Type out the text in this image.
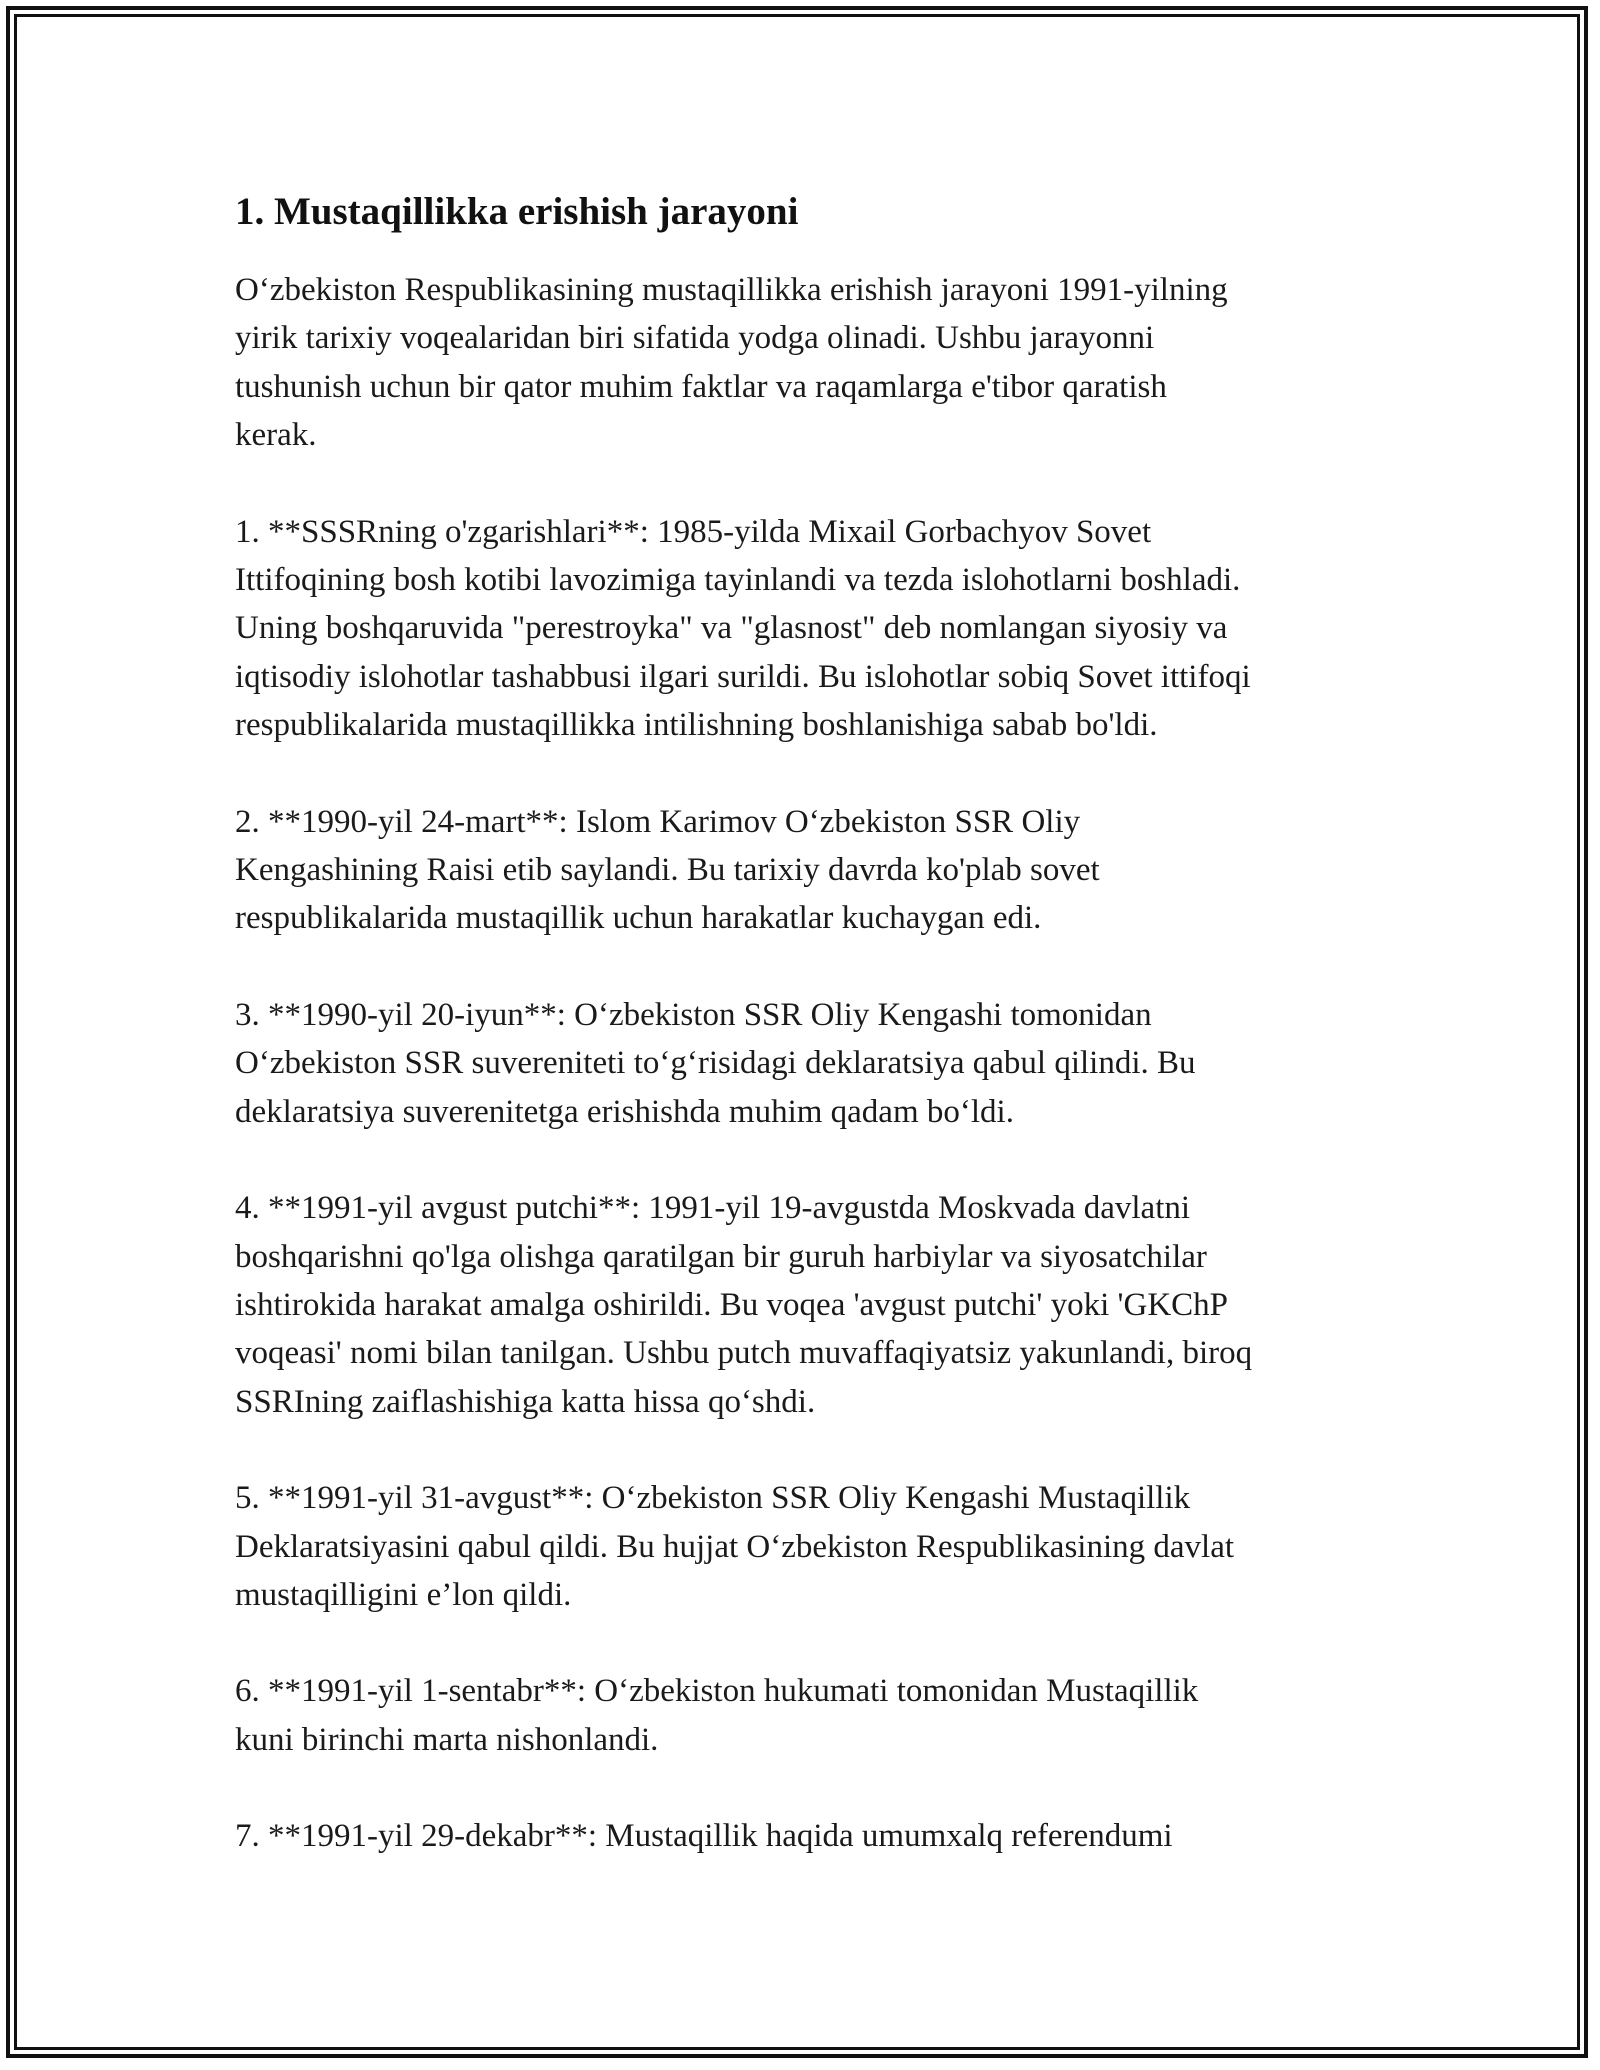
1. Mustaqillikka erishish jarayoni

O‘zbekiston Respublikasining mustaqillikka erishish jarayoni 1991-yilning
yirik tarixiy voqealaridan biri sifatida yodga olinadi. Ushbu jarayonni
tushunish uchun bir qator muhim faktlar va raqamlarga e'tibor qaratish
kerak.

1. **SSSRning o'zgarishlari**: 1985-yilda Mixail Gorbachyov Sovet
Ittifoqining bosh kotibi lavozimiga tayinlandi va tezda islohotlarni boshladi.
Uning boshqaruvida "perestroyka" va "glasnost" deb nomlangan siyosiy va
iqtisodiy islohotlar tashabbusi ilgari surildi. Bu islohotlar sobiq Sovet ittifoqi
respublikalarida mustaqillikka intilishning boshlanishiga sabab bo'ldi.

2. **1990-yil 24-mart**: Islom Karimov O‘zbekiston SSR Oliy
Kengashining Raisi etib saylandi. Bu tarixiy davrda ko'plab sovet
respublikalarida mustaqillik uchun harakatlar kuchaygan edi.

3. **1990-yil 20-iyun**: O‘zbekiston SSR Oliy Kengashi tomonidan
O‘zbekiston SSR suvereniteti to‘g‘risidagi deklaratsiya qabul qilindi. Bu
deklaratsiya suverenitetga erishishda muhim qadam bo‘ldi.

4. **1991-yil avgust putchi**: 1991-yil 19-avgustda Moskvada davlatni
boshqarishni qo'lga olishga qaratilgan bir guruh harbiylar va siyosatchilar
ishtirokida harakat amalga oshirildi. Bu voqea 'avgust putchi' yoki 'GKChP
voqeasi' nomi bilan tanilgan. Ushbu putch muvaffaqiyatsiz yakunlandi, biroq
SSRIning zaiflashishiga katta hissa qo‘shdi.

5. **1991-yil 31-avgust**: O‘zbekiston SSR Oliy Kengashi Mustaqillik
Deklaratsiyasini qabul qildi. Bu hujjat O‘zbekiston Respublikasining davlat
mustaqilligini e’lon qildi.

6. **1991-yil 1-sentabr**: O‘zbekiston hukumati tomonidan Mustaqillik
kuni birinchi marta nishonlandi.

7. **1991-yil 29-dekabr**: Mustaqillik haqida umumxalq referendumi
